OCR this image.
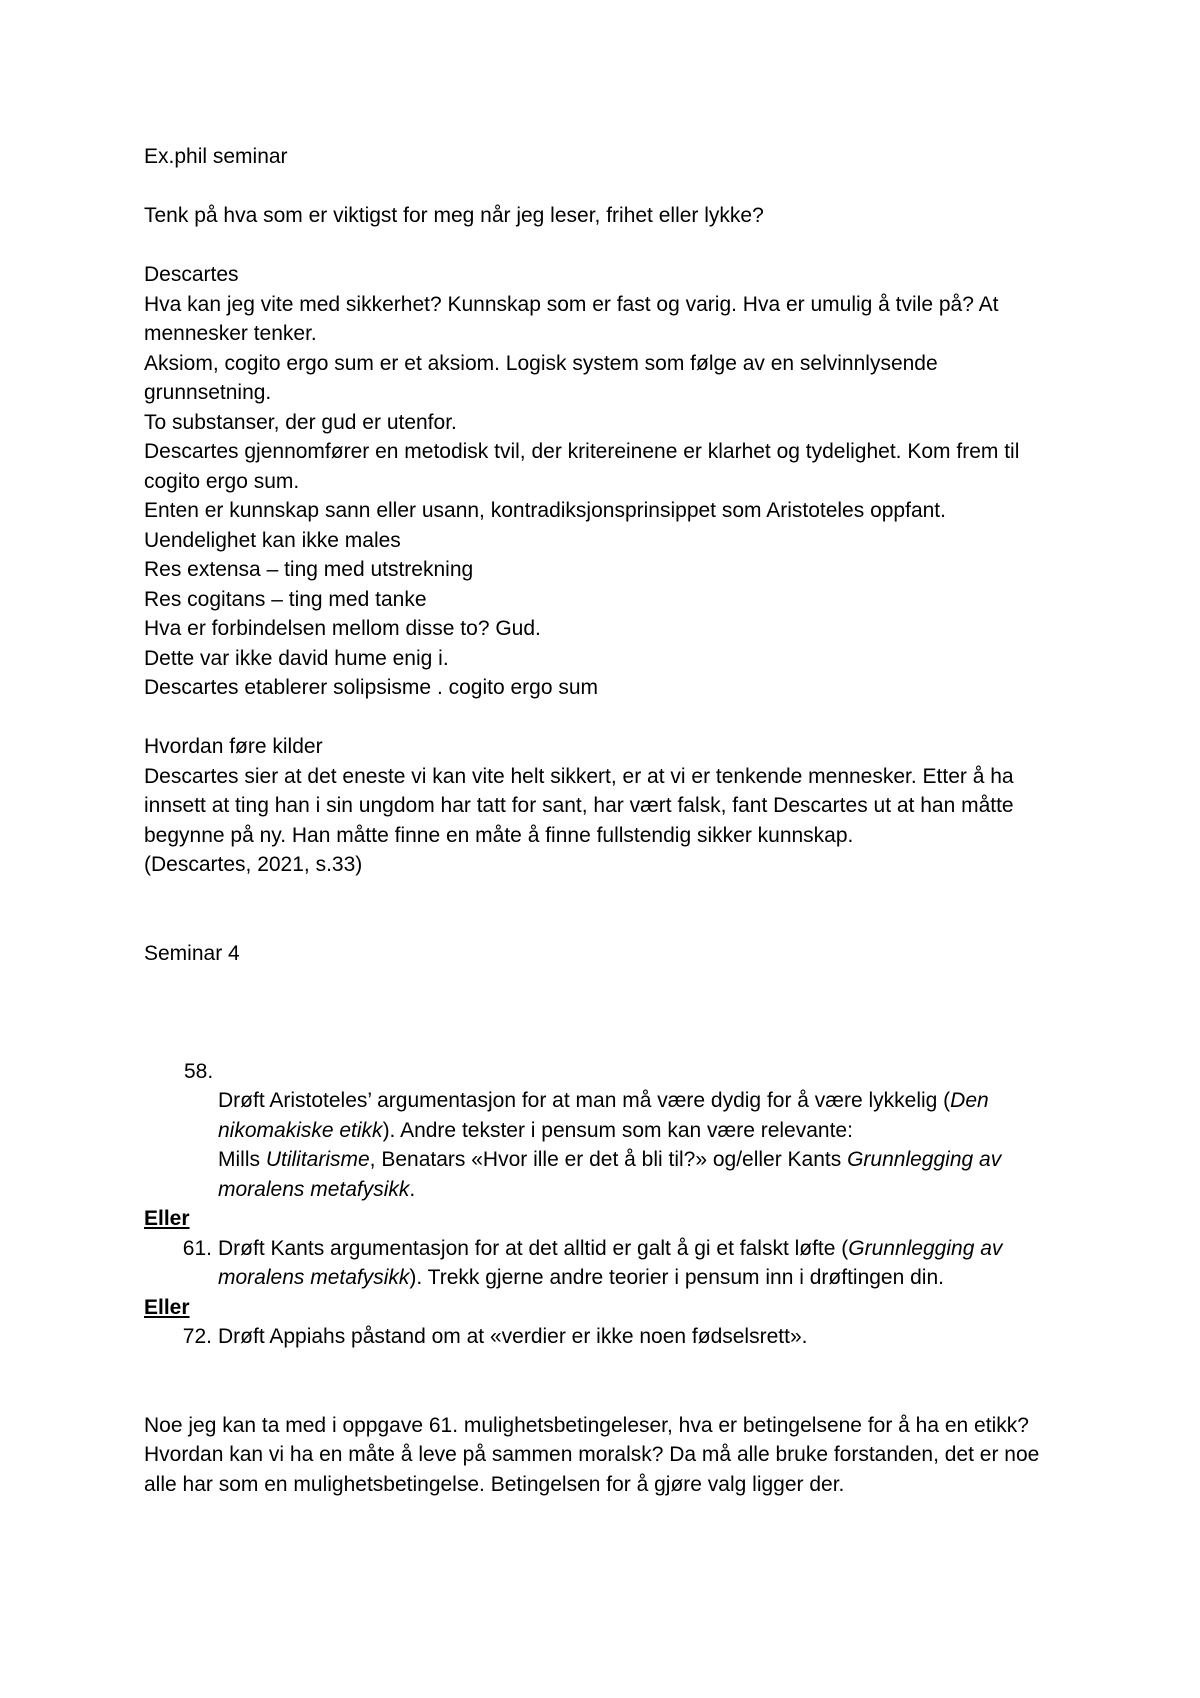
Ex.phil seminar

Tenk på hva som er viktigst for meg når jeg leser, frihet eller lykke?

Descartes

Hva kan jeg vite med sikkerhet? Kunnskap som er fast og varig. Hva er umulig å tvile på? At mennesker tenker.

Aksiom, cogito ergo sum er et aksiom. Logisk system som følge av en selvinnlysende grunnsetning.

To substanser, der gud er utenfor.

Descartes gjennomfører en metodisk tvil, der kritereinene er klarhet og tydelighet. Kom frem til cogito ergo sum.

Enten er kunnskap sann eller usann, kontradiksjonsprinsippet som Aristoteles oppfant.

Uendelighet kan ikke males

Res extensa – ting med utstrekning

Res cogitans – ting med tanke

Hva er forbindelsen mellom disse to? Gud.

Dette var ikke david hume enig i.

Descartes etablerer solipsisme . cogito ergo sum

Hvordan føre kilder

Descartes sier at det eneste vi kan vite helt sikkert, er at vi er tenkende mennesker. Etter å ha innsett at ting han i sin ungdom har tatt for sant, har vært falsk, fant Descartes ut at han måtte begynne på ny. Han måtte finne en måte å finne fullstendig sikker kunnskap.

(Descartes, 2021, s.33)

Seminar 4

58.

Drøft Aristoteles’ argumentasjon for at man må være dydig for å være lykkelig (Den nikomakiske etikk). Andre tekster i pensum som kan være relevante:

Mills Utilitarisme, Benatars «Hvor ille er det å bli til?» og/eller Kants Grunnlegging av moralens metafysikk.

Eller

61. Drøft Kants argumentasjon for at det alltid er galt å gi et falskt løfte (Grunnlegging av moralens metafysikk). Trekk gjerne andre teorier i pensum inn i drøftingen din.

Eller

72. Drøft Appiahs påstand om at «verdier er ikke noen fødselsrett».

Noe jeg kan ta med i oppgave 61. mulighetsbetingeleser, hva er betingelsene for å ha en etikk? Hvordan kan vi ha en måte å leve på sammen moralsk? Da må alle bruke forstanden, det er noe alle har som en mulighetsbetingelse. Betingelsen for å gjøre valg ligger der.
